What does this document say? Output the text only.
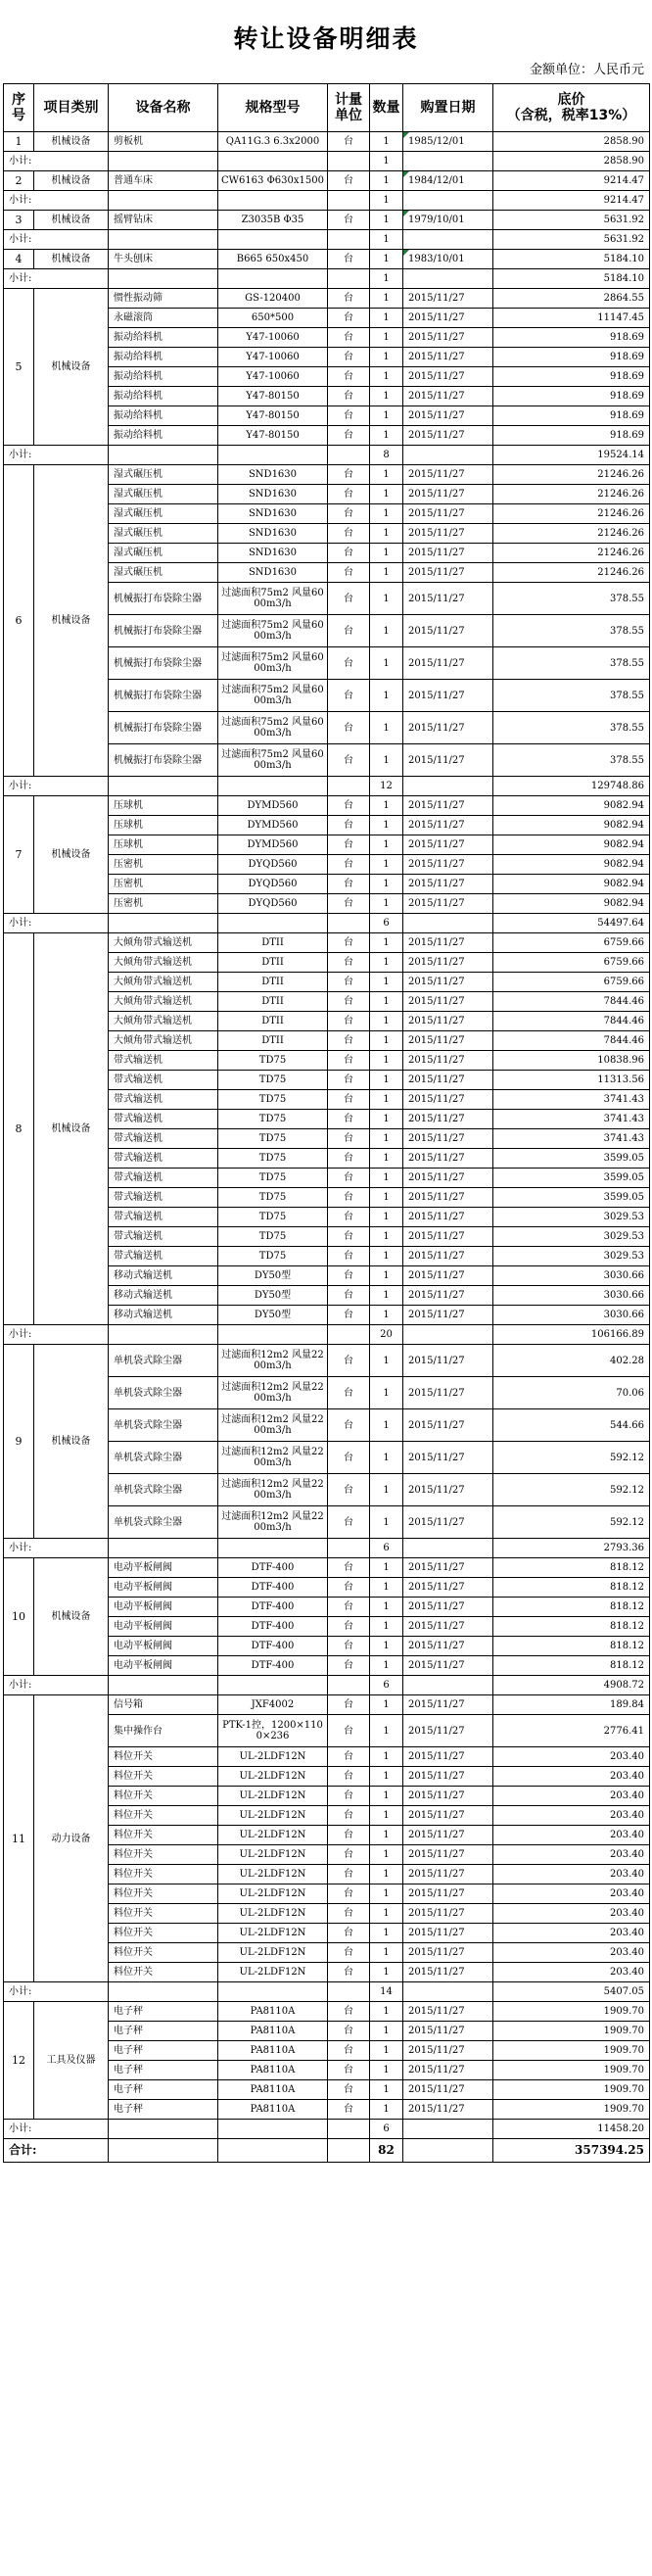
转让设备明细表
金额单位：人民币元
序号	项目类别	设备名称	规格型号	计量单位	数量	购置日期	底价
（含税，税率13%）
1	机械设备	剪板机	QA11G.3 6.3x2000	台	1	1985/12/01	2858.90
小计:					1		2858.90
2	机械设备	普通车床	CW6163 Φ630x1500	台	1	1984/12/01	9214.47
小计:					1		9214.47
3	机械设备	摇臂钻床	Z3035B Φ35	台	1	1979/10/01	5631.92
小计:					1		5631.92
4	机械设备	牛头刨床	B665 650x450	台	1	1983/10/01	5184.10
小计:					1		5184.10
5	机械设备	惯性振动筛	GS-120400	台	1	2015/11/27	2864.55
		永磁滚筒	650*500	台	1	2015/11/27	11147.45
		振动给料机	Y47-10060	台	1	2015/11/27	918.69
		振动给料机	Y47-10060	台	1	2015/11/27	918.69
		振动给料机	Y47-10060	台	1	2015/11/27	918.69
		振动给料机	Y47-80150	台	1	2015/11/27	918.69
		振动给料机	Y47-80150	台	1	2015/11/27	918.69
		振动给料机	Y47-80150	台	1	2015/11/27	918.69
小计:					8		19524.14
6	机械设备	湿式碾压机	SND1630	台	1	2015/11/27	21246.26
		湿式碾压机	SND1630	台	1	2015/11/27	21246.26
		湿式碾压机	SND1630	台	1	2015/11/27	21246.26
		湿式碾压机	SND1630	台	1	2015/11/27	21246.26
		湿式碾压机	SND1630	台	1	2015/11/27	21246.26
		湿式碾压机	SND1630	台	1	2015/11/27	21246.26
		机械振打布袋除尘器	过滤面积75m2 风量6000m3/h	台	1	2015/11/27	378.55
		机械振打布袋除尘器	过滤面积75m2 风量6000m3/h	台	1	2015/11/27	378.55
		机械振打布袋除尘器	过滤面积75m2 风量6000m3/h	台	1	2015/11/27	378.55
		机械振打布袋除尘器	过滤面积75m2 风量6000m3/h	台	1	2015/11/27	378.55
		机械振打布袋除尘器	过滤面积75m2 风量6000m3/h	台	1	2015/11/27	378.55
		机械振打布袋除尘器	过滤面积75m2 风量6000m3/h	台	1	2015/11/27	378.55
小计:					12		129748.86
7	机械设备	压球机	DYMD560	台	1	2015/11/27	9082.94
		压球机	DYMD560	台	1	2015/11/27	9082.94
		压球机	DYMD560	台	1	2015/11/27	9082.94
		压密机	DYQD560	台	1	2015/11/27	9082.94
		压密机	DYQD560	台	1	2015/11/27	9082.94
		压密机	DYQD560	台	1	2015/11/27	9082.94
小计:					6		54497.64
8	机械设备	大倾角带式输送机	DTII	台	1	2015/11/27	6759.66
		大倾角带式输送机	DTII	台	1	2015/11/27	6759.66
		大倾角带式输送机	DTII	台	1	2015/11/27	6759.66
		大倾角带式输送机	DTII	台	1	2015/11/27	7844.46
		大倾角带式输送机	DTII	台	1	2015/11/27	7844.46
		大倾角带式输送机	DTII	台	1	2015/11/27	7844.46
		带式输送机	TD75	台	1	2015/11/27	10838.96
		带式输送机	TD75	台	1	2015/11/27	11313.56
		带式输送机	TD75	台	1	2015/11/27	3741.43
		带式输送机	TD75	台	1	2015/11/27	3741.43
		带式输送机	TD75	台	1	2015/11/27	3741.43
		带式输送机	TD75	台	1	2015/11/27	3599.05
		带式输送机	TD75	台	1	2015/11/27	3599.05
		带式输送机	TD75	台	1	2015/11/27	3599.05
		带式输送机	TD75	台	1	2015/11/27	3029.53
		带式输送机	TD75	台	1	2015/11/27	3029.53
		带式输送机	TD75	台	1	2015/11/27	3029.53
		移动式输送机	DY50型	台	1	2015/11/27	3030.66
		移动式输送机	DY50型	台	1	2015/11/27	3030.66
		移动式输送机	DY50型	台	1	2015/11/27	3030.66
小计:					20		106166.89
9	机械设备	单机袋式除尘器	过滤面积12m2 风量2200m3/h	台	1	2015/11/27	402.28
		单机袋式除尘器	过滤面积12m2 风量2200m3/h	台	1	2015/11/27	70.06
		单机袋式除尘器	过滤面积12m2 风量2200m3/h	台	1	2015/11/27	544.66
		单机袋式除尘器	过滤面积12m2 风量2200m3/h	台	1	2015/11/27	592.12
		单机袋式除尘器	过滤面积12m2 风量2200m3/h	台	1	2015/11/27	592.12
		单机袋式除尘器	过滤面积12m2 风量2200m3/h	台	1	2015/11/27	592.12
小计:					6		2793.36
10	机械设备	电动平板闸阀	DTF-400	台	1	2015/11/27	818.12
		电动平板闸阀	DTF-400	台	1	2015/11/27	818.12
		电动平板闸阀	DTF-400	台	1	2015/11/27	818.12
		电动平板闸阀	DTF-400	台	1	2015/11/27	818.12
		电动平板闸阀	DTF-400	台	1	2015/11/27	818.12
		电动平板闸阀	DTF-400	台	1	2015/11/27	818.12
小计:					6		4908.72
11	动力设备	信号箱	JXF4002	台	1	2015/11/27	189.84
		集中操作台	PTK-1控，1200×1100×236	台	1	2015/11/27	2776.41
		料位开关	UL-2LDF12N	台	1	2015/11/27	203.40
		料位开关	UL-2LDF12N	台	1	2015/11/27	203.40
		料位开关	UL-2LDF12N	台	1	2015/11/27	203.40
		料位开关	UL-2LDF12N	台	1	2015/11/27	203.40
		料位开关	UL-2LDF12N	台	1	2015/11/27	203.40
		料位开关	UL-2LDF12N	台	1	2015/11/27	203.40
		料位开关	UL-2LDF12N	台	1	2015/11/27	203.40
		料位开关	UL-2LDF12N	台	1	2015/11/27	203.40
		料位开关	UL-2LDF12N	台	1	2015/11/27	203.40
		料位开关	UL-2LDF12N	台	1	2015/11/27	203.40
		料位开关	UL-2LDF12N	台	1	2015/11/27	203.40
		料位开关	UL-2LDF12N	台	1	2015/11/27	203.40
小计:					14		5407.05
12	工具及仪器	电子秤	PA8110A	台	1	2015/11/27	1909.70
		电子秤	PA8110A	台	1	2015/11/27	1909.70
		电子秤	PA8110A	台	1	2015/11/27	1909.70
		电子秤	PA8110A	台	1	2015/11/27	1909.70
		电子秤	PA8110A	台	1	2015/11/27	1909.70
		电子秤	PA8110A	台	1	2015/11/27	1909.70
小计:					6		11458.20
合计:					82		357394.25
